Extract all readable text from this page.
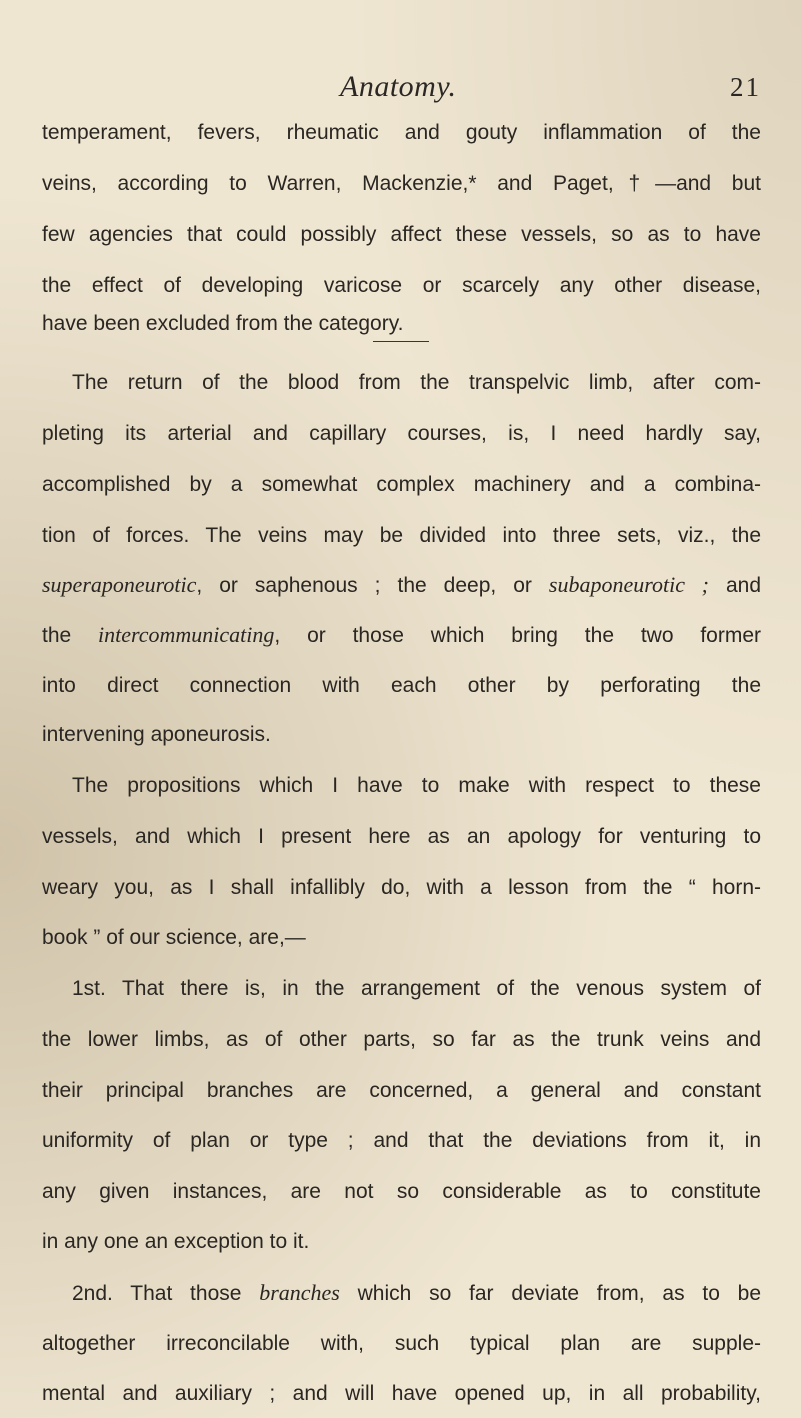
Anatomy.	21
temperament, fevers, rheumatic and gouty inflammation of the
veins, according to Warren, Mackenzie,* and Paget,†—and but
few agencies that could possibly affect these vessels, so as to have
the effect of developing varicose or scarcely any other disease,
have been excluded from the category.
The return of the blood from the transpelvic limb, after com-
pleting its arterial and capillary courses, is, I need hardly say,
accomplished by a somewhat complex machinery and a combina-
tion of forces. The veins may be divided into three sets, viz., the
superaponeurotic, or saphenous ; the deep, or subaponeurotic ; and
the intercommunicating, or those which bring the two former
into direct connection with each other by perforating the
intervening aponeurosis.
The propositions which I have to make with respect to these
vessels, and which I present here as an apology for venturing to
weary you, as I shall infallibly do, with a lesson from the “ horn-
book ” of our science, are,—
1st. That there is, in the arrangement of the venous system of
the lower limbs, as of other parts, so far as the trunk veins and
their principal branches are concerned, a general and constant
uniformity of plan or type ; and that the deviations from it, in
any given instances, are not so considerable as to constitute
in any one an exception to it.
2nd. That those branches which so far deviate from, as to be
altogether irreconcilable with, such typical plan are supple-
mental and auxiliary ; and will have opened up, in all probability,
